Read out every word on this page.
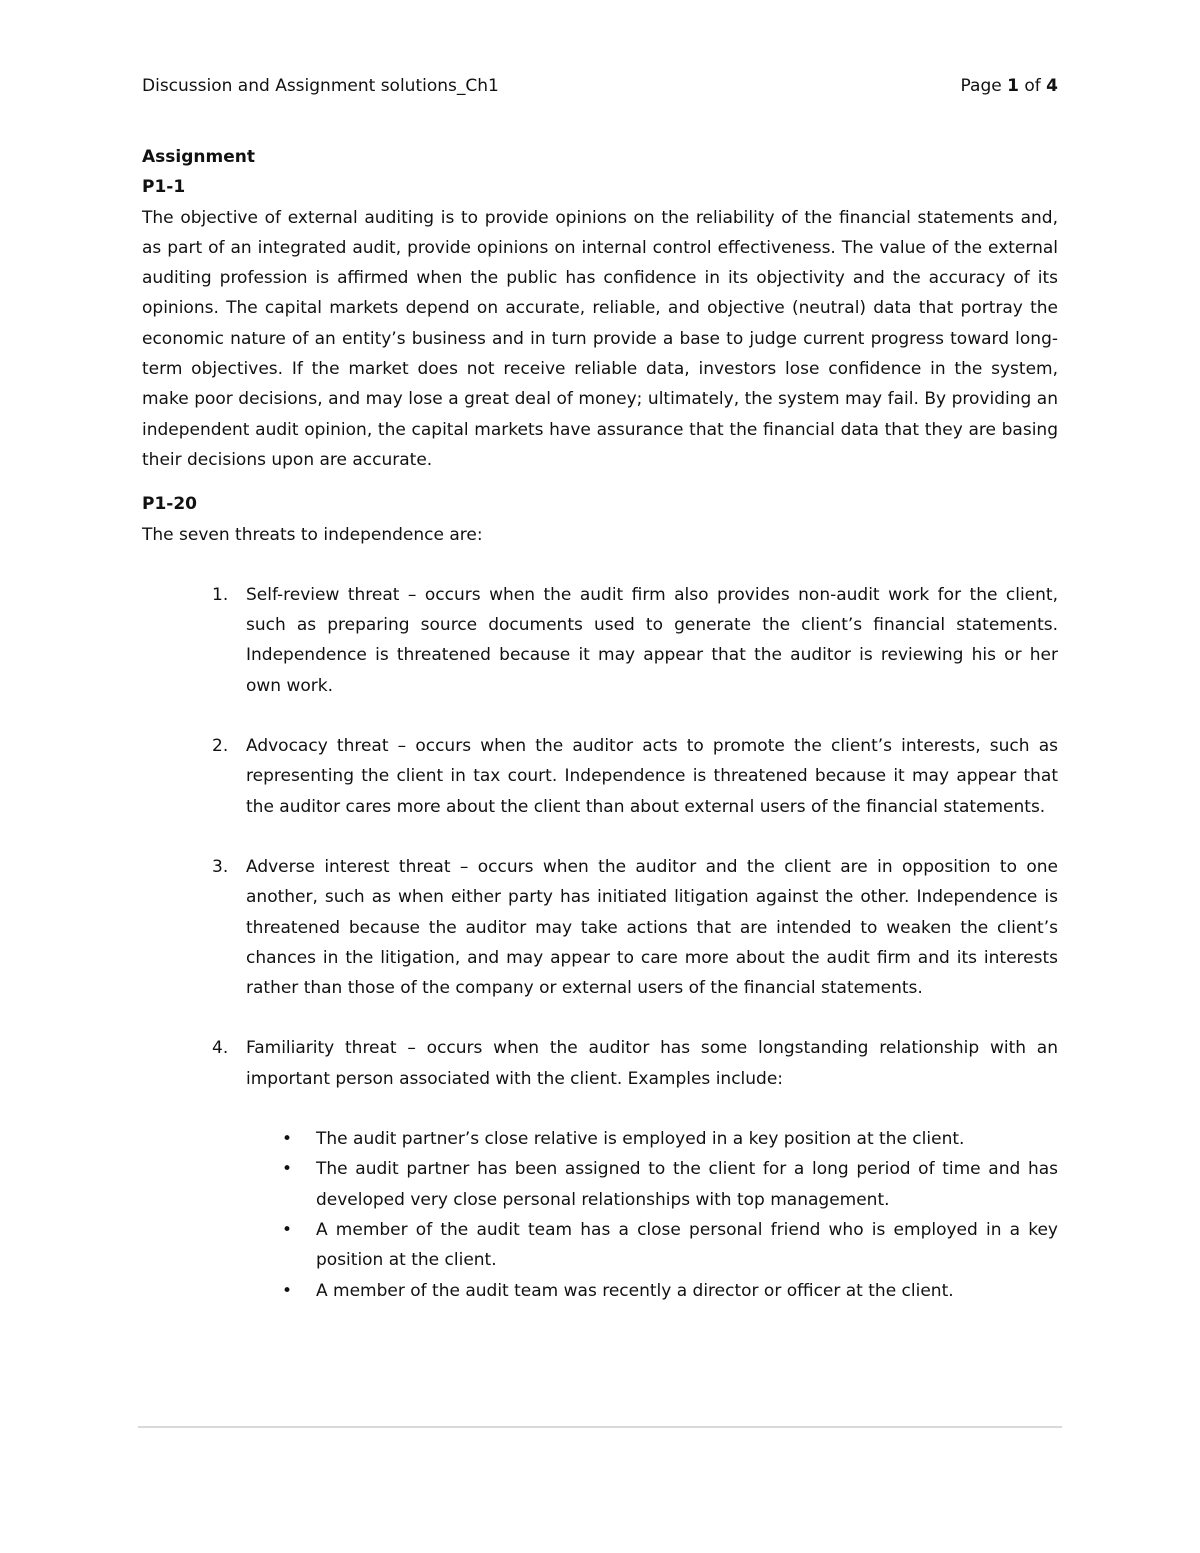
Discussion and Assignment solutions_Ch1	Page 1 of 4
Assignment
P1-1

The objective of external auditing is to provide opinions on the reliability of the financial statements and, as part of an integrated audit, provide opinions on internal control effectiveness. The value of the external auditing profession is affirmed when the public has confidence in its objectivity and the accuracy of its opinions. The capital markets depend on accurate, reliable, and objective (neutral) data that portray the economic nature of an entity’s business and in turn provide a base to judge current progress toward long-term objectives. If the market does not receive reliable data, investors lose confidence in the system, make poor decisions, and may lose a great deal of money; ultimately, the system may fail. By providing an independent audit opinion, the capital markets have assurance that the financial data that they are basing their decisions upon are accurate.

P1-20
The seven threats to independence are:
1. Self-review threat – occurs when the audit firm also provides non-audit work for the client, such as preparing source documents used to generate the client’s financial statements. Independence is threatened because it may appear that the auditor is reviewing his or her own work.
2. Advocacy threat – occurs when the auditor acts to promote the client’s interests, such as representing the client in tax court. Independence is threatened because it may appear that the auditor cares more about the client than about external users of the financial statements.
3. Adverse interest threat – occurs when the auditor and the client are in opposition to one another, such as when either party has initiated litigation against the other. Independence is threatened because the auditor may take actions that are intended to weaken the client’s chances in the litigation, and may appear to care more about the audit firm and its interests rather than those of the company or external users of the financial statements.
4. Familiarity threat – occurs when the auditor has some longstanding relationship with an important person associated with the client. Examples include:
• The audit partner’s close relative is employed in a key position at the client.
• The audit partner has been assigned to the client for a long period of time and has developed very close personal relationships with top management.
• A member of the audit team has a close personal friend who is employed in a key position at the client.
• A member of the audit team was recently a director or officer at the client.
